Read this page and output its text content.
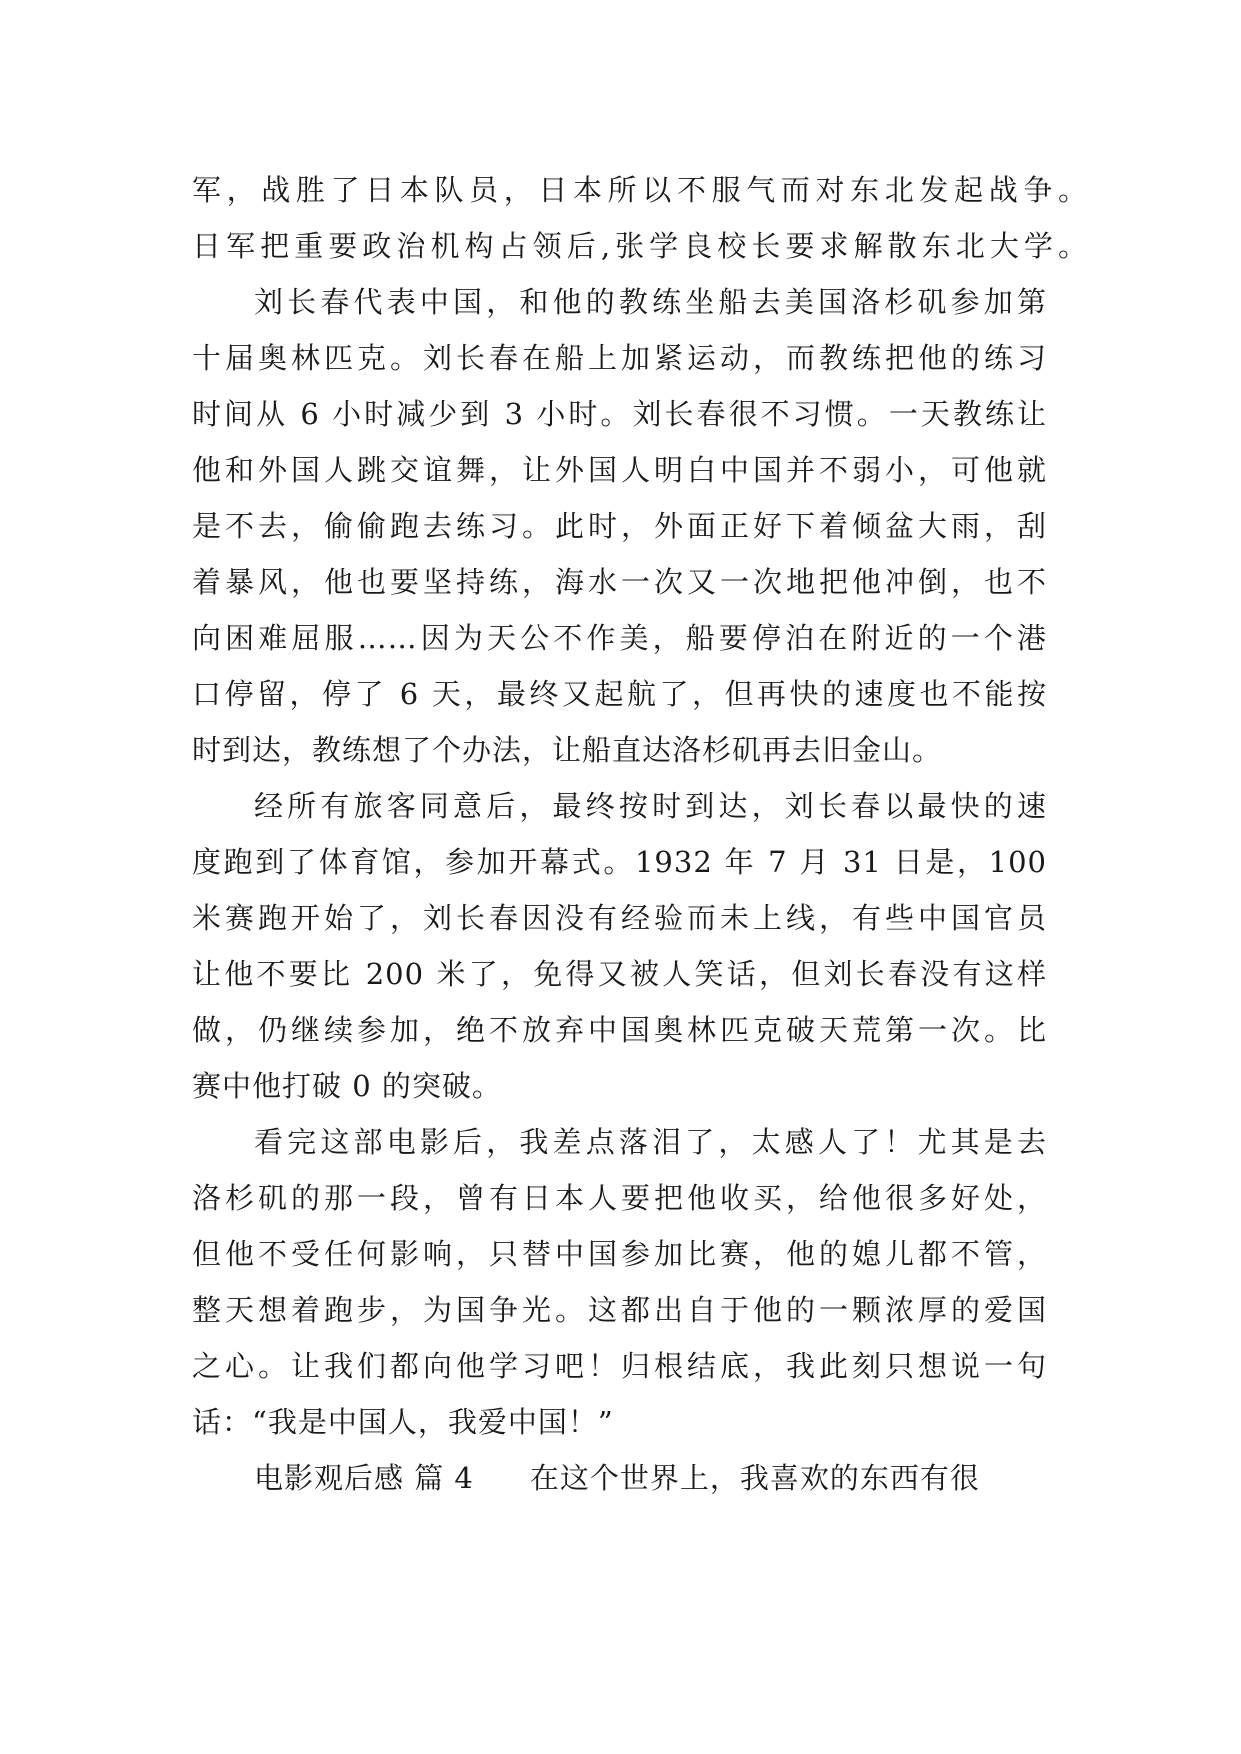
军，战胜了日本队员，日本所以不服气而对东北发起战争。
日军把重要政治机构占领后,张学良校长要求解散东北大学。
刘长春代表中国，和他的教练坐船去美国洛杉矶参加第
十届奥林匹克。刘长春在船上加紧运动，而教练把他的练习
时间从 6 小时减少到 3 小时。刘长春很不习惯。一天教练让
他和外国人跳交谊舞，让外国人明白中国并不弱小，可他就
是不去，偷偷跑去练习。此时，外面正好下着倾盆大雨，刮
着暴风，他也要坚持练，海水一次又一次地把他冲倒，也不
向困难屈服……因为天公不作美，船要停泊在附近的一个港
口停留，停了 6 天，最终又起航了，但再快的速度也不能按
时到达，教练想了个办法，让船直达洛杉矶再去旧金山。
经所有旅客同意后，最终按时到达，刘长春以最快的速
度跑到了体育馆，参加开幕式。1932 年 7 月 31 日是，100
米赛跑开始了，刘长春因没有经验而未上线，有些中国官员
让他不要比 200 米了，免得又被人笑话，但刘长春没有这样
做，仍继续参加，绝不放弃中国奥林匹克破天荒第一次。比
赛中他打破 0 的突破。
看完这部电影后，我差点落泪了，太感人了！尤其是去
洛杉矶的那一段，曾有日本人要把他收买，给他很多好处，
但他不受任何影响，只替中国参加比赛，他的媳儿都不管，
整天想着跑步，为国争光。这都出自于他的一颗浓厚的爱国
之心。让我们都向他学习吧！归根结底，我此刻只想说一句
话：“我是中国人，我爱中国！”
电影观后感 篇 4 在这个世界上，我喜欢的东西有很
